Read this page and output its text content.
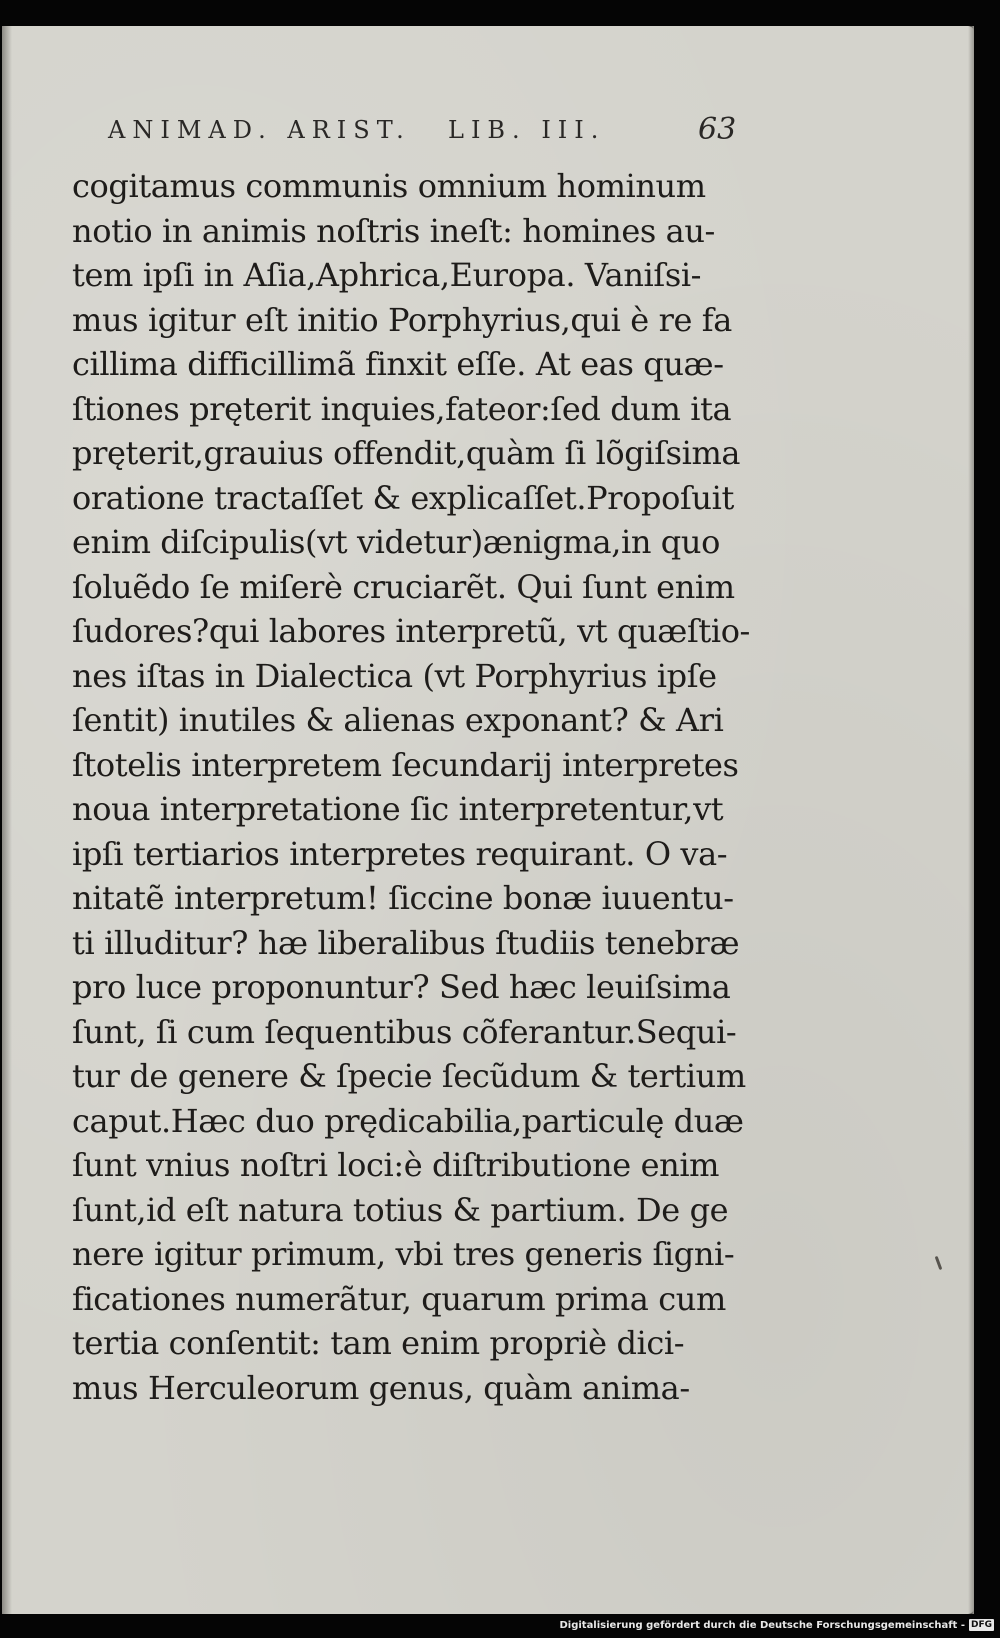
ANIMAD. ARIST. LIB. III.	63
cogitamus communis omnium hominum
notio in animis noſtris ineſt: homines au-
tem ipſi in Aſia,Aphrica,Europa. Vaniſsi-
mus igitur eſt initio Porphyrius,qui è re fa
cillima difficillimã finxit eſſe. At eas quæ-
ſtiones pręterit inquies,fateor:ſed dum ita
pręterit,grauius offendit,quàm ſi lõgiſsima
oratione tractaſſet & explicaſſet.Propoſuit
enim diſcipulis(vt videtur)ænigma,in quo
ſoluẽdo ſe miſerè cruciarẽt. Qui ſunt enim
ſudores?qui labores interpretũ, vt quæſtio-
nes iſtas in Dialectica (vt Porphyrius ipſe
ſentit) inutiles & alienas exponant? & Ari
ſtotelis interpretem ſecundarij interpretes
noua interpretatione ſic interpretentur,vt
ipſi tertiarios interpretes requirant. O va-
nitatẽ interpretum! ſiccine bonæ iuuentu-
ti illuditur? hæ liberalibus ſtudiis tenebræ
pro luce proponuntur? Sed hæc leuiſsima
ſunt, ſi cum ſequentibus cõferantur.Sequi-
tur de genere & ſpecie ſecũdum & tertium
caput.Hæc duo prędicabilia,particulę duæ
ſunt vnius noſtri loci:è diſtributione enim
ſunt,id eſt natura totius & partium. De ge
nere igitur primum, vbi tres generis ſigni-
ficationes numerãtur, quarum prima cum
tertia conſentit: tam enim propriè dici-
mus Herculeorum genus, quàm anima-
Digitalisierung gefördert durch die Deutsche Forschungsgemeinschaft - DFG
